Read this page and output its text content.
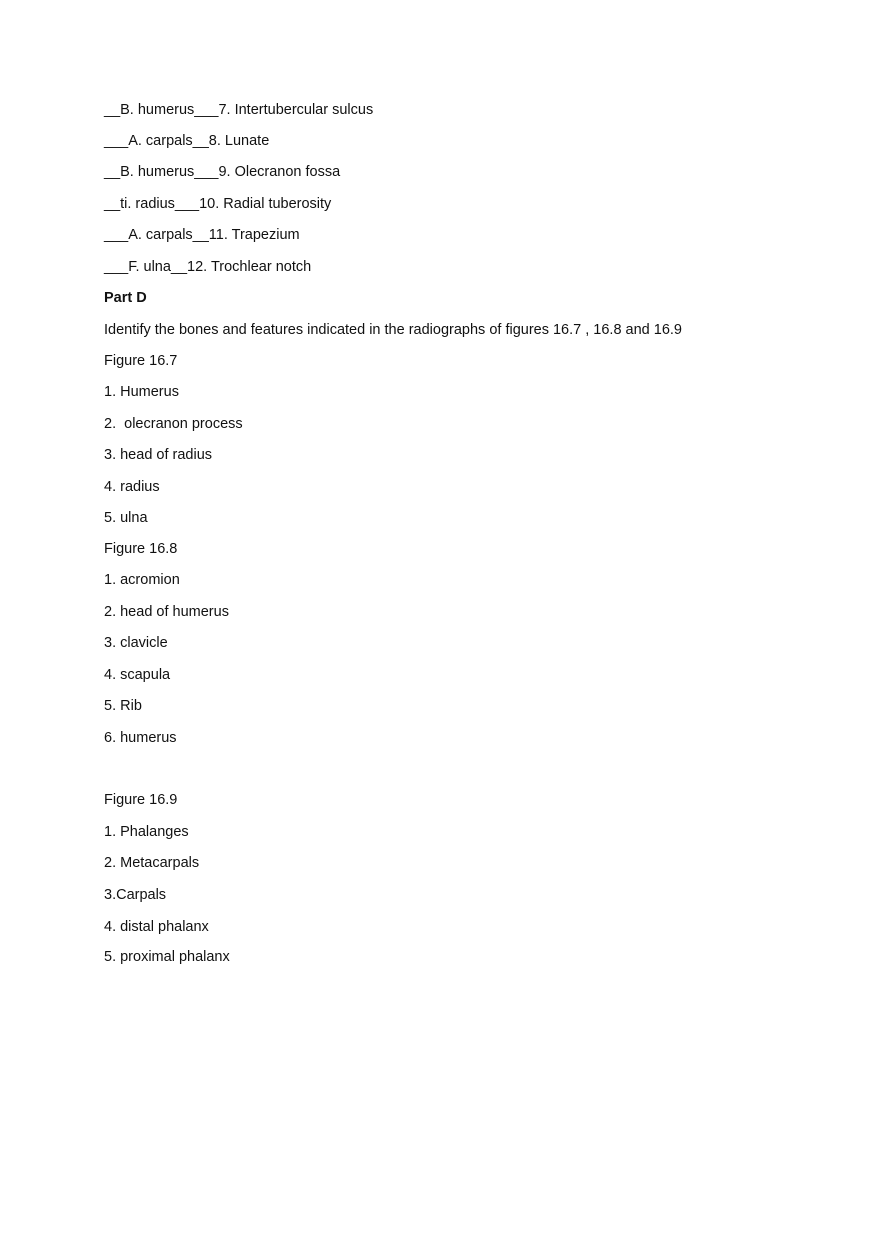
__B. humerus___7. Intertubercular sulcus
___A. carpals__8. Lunate
__B. humerus___9. Olecranon fossa
__ti. radius___10. Radial tuberosity
___A. carpals__11. Trapezium
___F. ulna__12. Trochlear notch
Part D
Identify the bones and features indicated in the radiographs of figures 16.7 , 16.8 and 16.9
Figure 16.7
1. Humerus
2.  olecranon process
3. head of radius
4. radius
5. ulna
Figure 16.8
1. acromion
2. head of humerus
3. clavicle
4. scapula
5. Rib
6. humerus
Figure 16.9
1. Phalanges
2. Metacarpals
3.Carpals
4. distal phalanx
5. proximal phalanx
